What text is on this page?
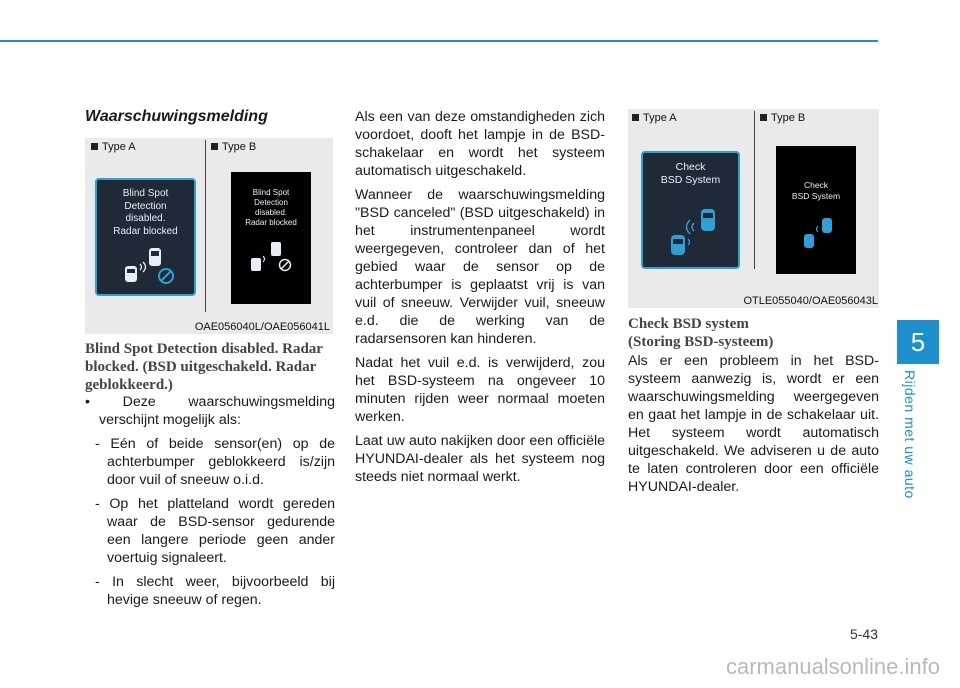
5
Rijden met uw auto
5-43
carmanualsonline.info
Waarschuwingsmelding
Type A	Type B
Blind Spot
Detection
disabled.
Radar blocked
Blind Spot
Detection
disabled.
Radar blocked
OAE056040L/OAE056041L
Blind Spot Detection disabled. Radar blocked. (BSD uitgeschakeld. Radar geblokkeerd.)

• Deze waarschuwingsmelding verschijnt mogelijk als:

- Eén of beide sensor(en) op de achterbumper geblokkeerd is/zijn door vuil of sneeuw o.i.d.

- Op het platteland wordt gereden waar de BSD-sensor gedurende een langere periode geen ander voertuig signaleert.

- In slecht weer, bijvoorbeeld bij hevige sneeuw of regen.

Als een van deze omstandigheden zich voordoet, dooft het lampje in de BSD-schakelaar en wordt het systeem automatisch uitgeschakeld.

Wanneer de waarschuwingsmelding "BSD canceled" (BSD uitgeschakeld) in het instrumentenpaneel wordt weergegeven, controleer dan of het gebied waar de sensor op de achterbumper is geplaatst vrij is van vuil of sneeuw. Verwijder vuil, sneeuw e.d. die de werking van de radarsensoren kan hinderen.

Nadat het vuil e.d. is verwijderd, zou het BSD-systeem na ongeveer 10 minuten rijden weer normaal moeten werken.

Laat uw auto nakijken door een officiële HYUNDAI-dealer als het systeem nog steeds niet normaal werkt.

Type A	Type B
Check
BSD System	Check
BSD System
OTLE055040/OAE056043L
Check BSD system
(Storing BSD-systeem)

Als er een probleem in het BSD-systeem aanwezig is, wordt er een waarschuwingsmelding weergegeven en gaat het lampje in de schakelaar uit. Het systeem wordt automatisch uitgeschakeld. We adviseren u de auto te laten controleren door een officiële HYUNDAI-dealer.
